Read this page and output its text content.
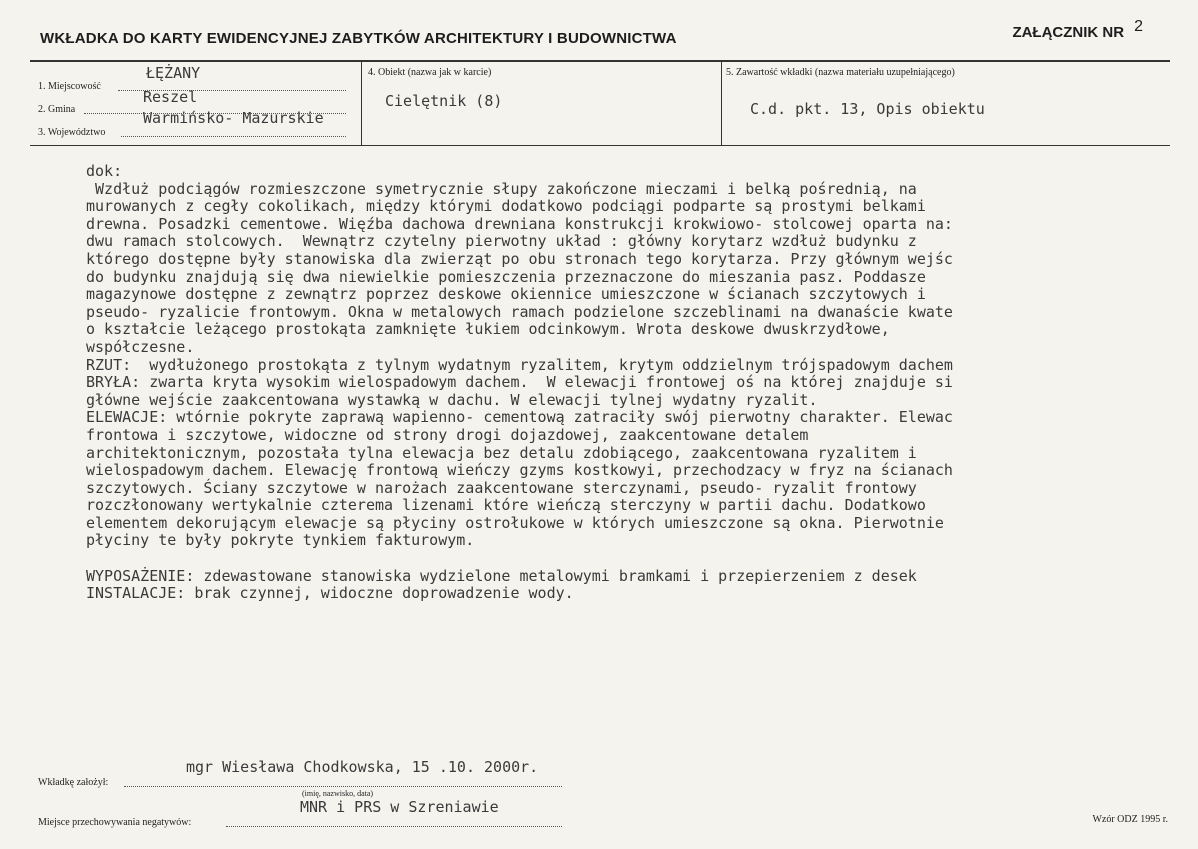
WKŁADKA DO KARTY EWIDENCYJNEJ ZABYTKÓW ARCHITEKTURY I BUDOWNICTWA	ZAŁĄCZNIK NR 2
1. Miejscowość
ŁĘŻANY
2. Gmina
Reszel
3. Województwo
Warmińsko- Mazurskie
4. Obiekt (nazwa jak w karcie)
Cielętnik (8)
5. Zawartość wkładki (nazwa materiału uzupełniającego)
C.d. pkt. 13, Opis obiektu
dok:
Wzdłuż podciągów rozmieszczone symetrycznie słupy zakończone mieczami i belką pośrednią, na
murowanych z cegły cokolikach, między którymi dodatkowo podciągi podparte są prostymi belkami
drewna. Posadzki cementowe. Więźba dachowa drewniana konstrukcji krokwiowo- stolcowej oparta na:
dwu ramach stolcowych.  Wewnątrz czytelny pierwotny układ : główny korytarz wzdłuż budynku z
którego dostępne były stanowiska dla zwierząt po obu stronach tego korytarza. Przy głównym wejśc
do budynku znajdują się dwa niewielkie pomieszczenia przeznaczone do mieszania pasz. Poddasze
magazynowe dostępne z zewnątrz poprzez deskowe okiennice umieszczone w ścianach szczytowych i
pseudo- ryzalicie frontowym. Okna w metalowych ramach podzielone szczeblinami na dwanaście kwate
o kształcie leżącego prostokąta zamknięte łukiem odcinkowym. Wrota deskowe dwuskrzydłowe,
współczesne.
RZUT:  wydłużonego prostokąta z tylnym wydatnym ryzalitem, krytym oddzielnym trójspadowym dachem
BRYŁA: zwarta kryta wysokim wielospadowym dachem.  W elewacji frontowej oś na której znajduje si
główne wejście zaakcentowana wystawką w dachu. W elewacji tylnej wydatny ryzalit.
ELEWACJE: wtórnie pokryte zaprawą wapienno- cementową zatraciły swój pierwotny charakter. Elewac
frontowa i szczytowe, widoczne od strony drogi dojazdowej, zaakcentowane detalem
architektonicznym, pozostała tylna elewacja bez detalu zdobiącego, zaakcentowana ryzalitem i
wielospadowym dachem. Elewację frontową wieńczy gzyms kostkowyi, przechodzacy w fryz na ścianach
szczytowych. Ściany szczytowe w narożach zaakcentowane sterczynami, pseudo- ryzalit frontowy
rozczłonowany wertykalnie czterema lizenami które wieńczą sterczyny w partii dachu. Dodatkowo
elementem dekorującym elewacje są płyciny ostrołukowe w których umieszczone są okna. Pierwotnie
płyciny te były pokryte tynkiem fakturowym.

WYPOSAŻENIE: zdewastowane stanowiska wydzielone metalowymi bramkami i przepierzeniem z desek
INSTALACJE: brak czynnej, widoczne doprowadzenie wody.
mgr Wiesława Chodkowska, 15 .10. 2000r.
Wkładkę założył:
(imię, nazwisko, data)
MNR i PRS w Szreniawie
Miejsce przechowywania negatywów:	Wzór ODZ 1995 r.
